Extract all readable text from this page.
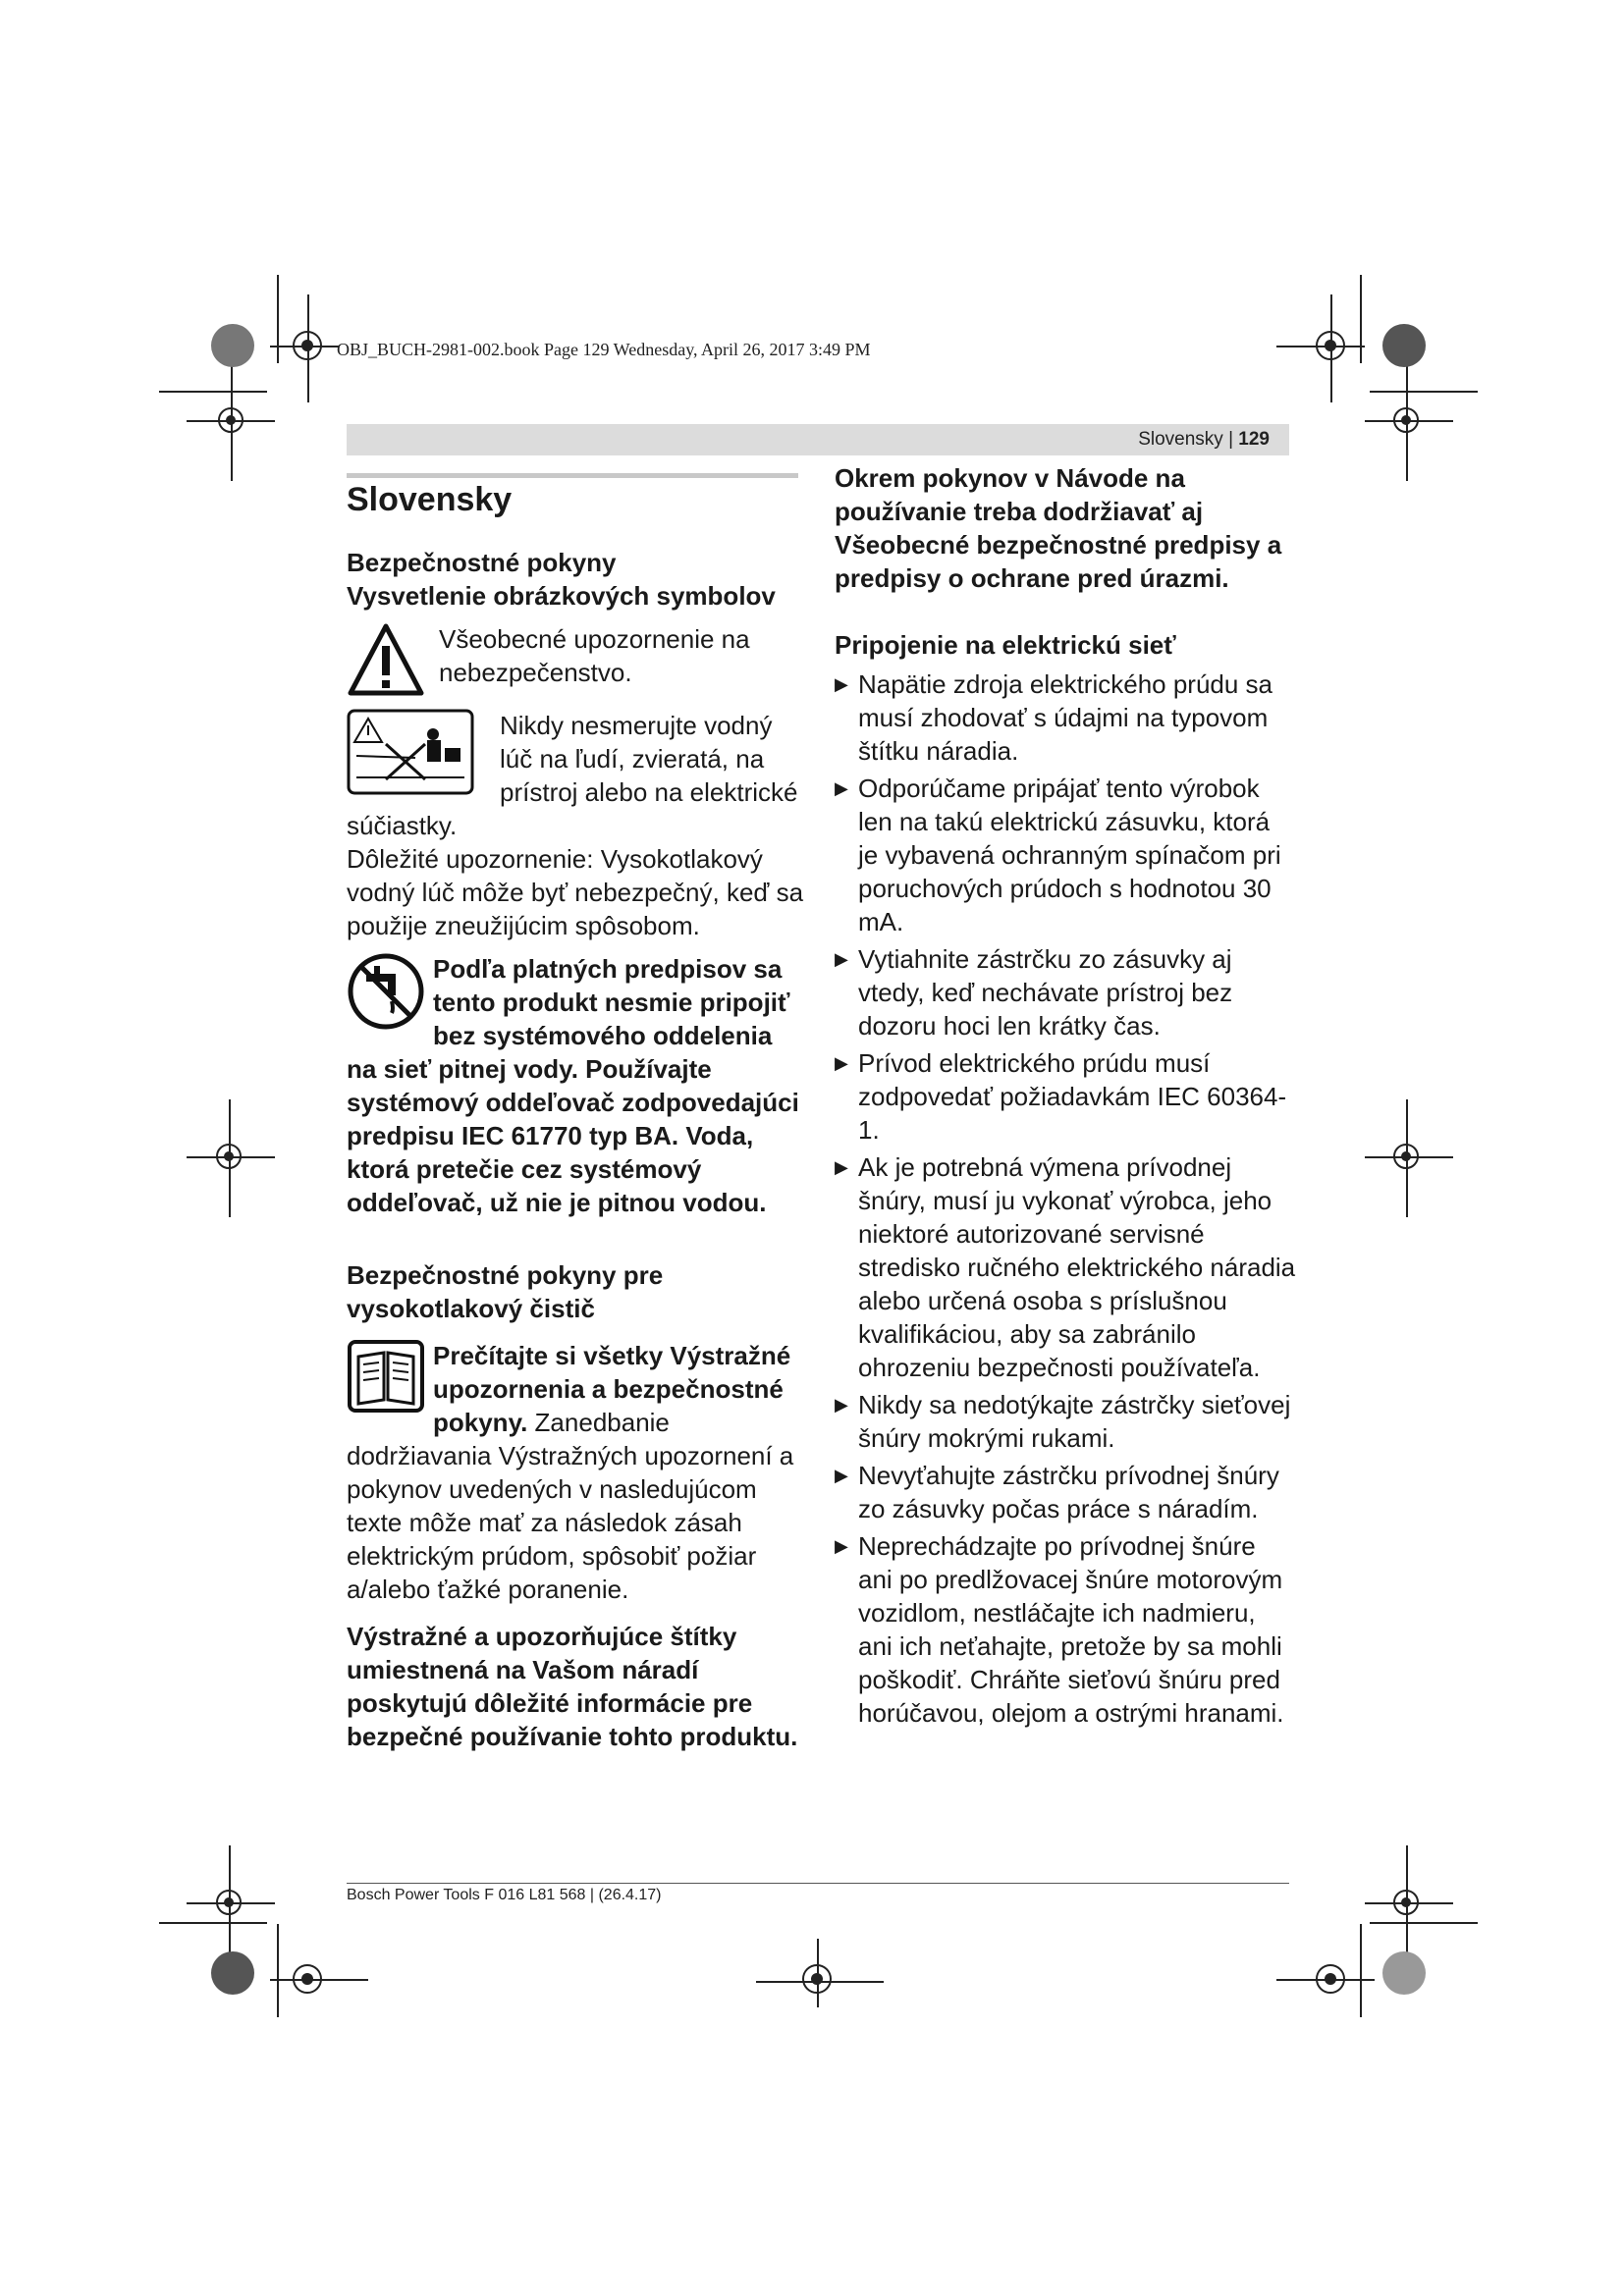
OBJ_BUCH-2981-002.book Page 129 Wednesday, April 26, 2017 3:49 PM
Slovensky | 129
Slovensky
Bezpečnostné pokyny
Vysvetlenie obrázkových symbolov

Všeobecné upozornenie na nebezpečenstvo.

Nikdy nesmerujte vodný lúč na ľudí, zvieratá, na prístroj alebo na elektrické súčiastky.

Dôležité upozornenie: Vysokotlakový vodný lúč môže byť nebezpečný, keď sa použije zneužijúcim spôsobom.

Podľa platných predpisov sa tento produkt nesmie pripojiť bez systémového oddelenia na sieť pitnej vody. Používajte systémový oddeľovač zodpovedajúci predpisu IEC 61770 typ BA. Voda, ktorá pretečie cez systémový oddeľovač, už nie je pitnou vodou.

Bezpečnostné pokyny pre vysokotlakový čistič

Prečítajte si všetky Výstražné upozornenia a bezpečnostné pokyny. Zanedbanie dodržiavania Výstražných upozornení a pokynov uvedených v nasledujúcom texte môže mať za následok zásah elektrickým prúdom, spôsobiť požiar a/alebo ťažké poranenie.

Výstražné a upozorňujúce štítky umiestnená na Vašom náradí poskytujú dôležité informácie pre bezpečné používanie tohto produktu.

Okrem pokynov v Návode na používanie treba dodržiavať aj Všeobecné bezpečnostné predpisy a predpisy o ochrane pred úrazmi.

Pripojenie na elektrickú sieť
▶ Napätie zdroja elektrického prúdu sa musí zhodovať s údajmi na typovom štítku náradia.
▶ Odporúčame pripájať tento výrobok len na takú elektrickú zásuvku, ktorá je vybavená ochranným spínačom pri poruchových prúdoch s hodnotou 30 mA.
▶ Vytiahnite zástrčku zo zásuvky aj vtedy, keď nechávate prístroj bez dozoru hoci len krátky čas.
▶ Prívod elektrického prúdu musí zodpovedať požiadavkám IEC 60364-1.
▶ Ak je potrebná výmena prívodnej šnúry, musí ju vykonať výrobca, jeho niektoré autorizované servisné stredisko ručného elektrického náradia alebo určená osoba s príslušnou kvalifikáciou, aby sa zabránilo ohrozeniu bezpečnosti používateľa.
▶ Nikdy sa nedotýkajte zástrčky sieťovej šnúry mokrými rukami.
▶ Nevyťahujte zástrčku prívodnej šnúry zo zásuvky počas práce s náradím.
▶ Neprechádzajte po prívodnej šnúre ani po predlžovacej šnúre motorovým vozidlom, nestláčajte ich nadmieru, ani ich neťahajte, pretože by sa mohli poškodiť. Chráňte sieťovú šnúru pred horúčavou, olejom a ostrými hranami.
Bosch Power Tools F 016 L81 568 | (26.4.17)
